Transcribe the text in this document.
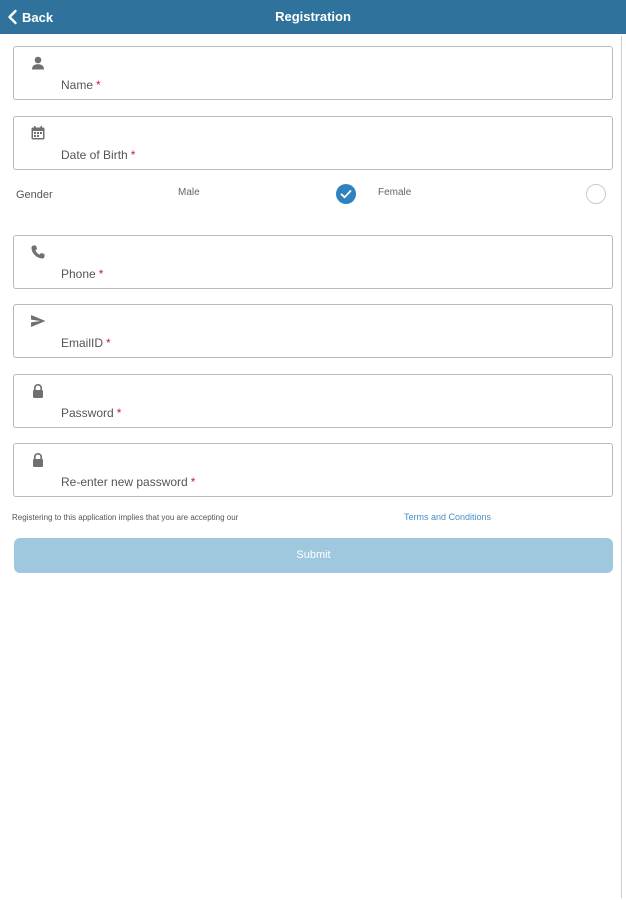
Back	Registration
Name *
Date of Birth *
Gender	Male	Female
Phone *
EmailID *
Password *
Re-enter new password *
Registering to this application implies that you are accepting our	Terms and Conditions
Submit
